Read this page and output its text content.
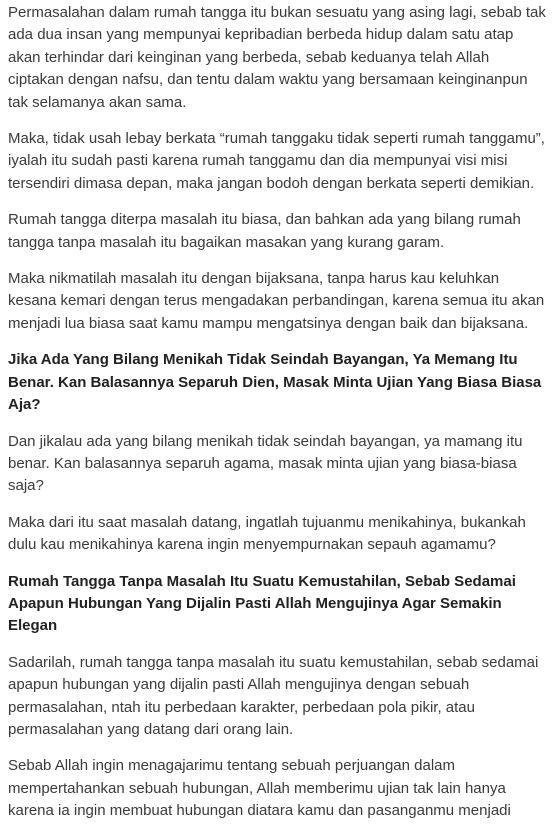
Permasalahan dalam rumah tangga itu bukan sesuatu yang asing lagi, sebab tak ada dua insan yang mempunyai kepribadian berbeda hidup dalam satu atap akan terhindar dari keinginan yang berbeda, sebab keduanya telah Allah ciptakan dengan nafsu, dan tentu dalam waktu yang bersamaan keinginanpun tak selamanya akan sama.

Maka, tidak usah lebay berkata “rumah tanggaku tidak seperti rumah tanggamu”, iyalah itu sudah pasti karena rumah tanggamu dan dia mempunyai visi misi tersendiri dimasa depan, maka jangan bodoh dengan berkata seperti demikian.

Rumah tangga diterpa masalah itu biasa, dan bahkan ada yang bilang rumah tangga tanpa masalah itu bagaikan masakan yang kurang garam.

Maka nikmatilah masalah itu dengan bijaksana, tanpa harus kau keluhkan kesana kemari dengan terus mengadakan perbandingan, karena semua itu akan menjadi lua biasa saat kamu mampu mengatsinya dengan baik dan bijaksana.

Jika Ada Yang Bilang Menikah Tidak Seindah Bayangan, Ya Memang Itu Benar. Kan Balasannya Separuh Dien, Masak Minta Ujian Yang Biasa Biasa Aja?

Dan jikalau ada yang bilang menikah tidak seindah bayangan, ya mamang itu benar. Kan balasannya separuh agama, masak minta ujian yang biasa-biasa saja?

Maka dari itu saat masalah datang, ingatlah tujuanmu menikahinya, bukankah dulu kau menikahinya karena ingin menyempurnakan sepauh agamamu?

Rumah Tangga Tanpa Masalah Itu Suatu Kemustahilan, Sebab Sedamai Apapun Hubungan Yang Dijalin Pasti Allah Mengujinya Agar Semakin Elegan

Sadarilah, rumah tangga tanpa masalah itu suatu kemustahilan, sebab sedamai apapun hubungan yang dijalin pasti Allah mengujinya dengan sebuah permasalahan, ntah itu perbedaan karakter, perbedaan pola pikir, atau permasalahan yang datang dari orang lain.

Sebab Allah ingin menagajarimu tentang sebuah perjuangan dalam mempertahankan sebuah hubungan, Allah memberimu ujian tak lain hanya karena ia ingin membuat hubungan diatara kamu dan pasanganmu menjadi
